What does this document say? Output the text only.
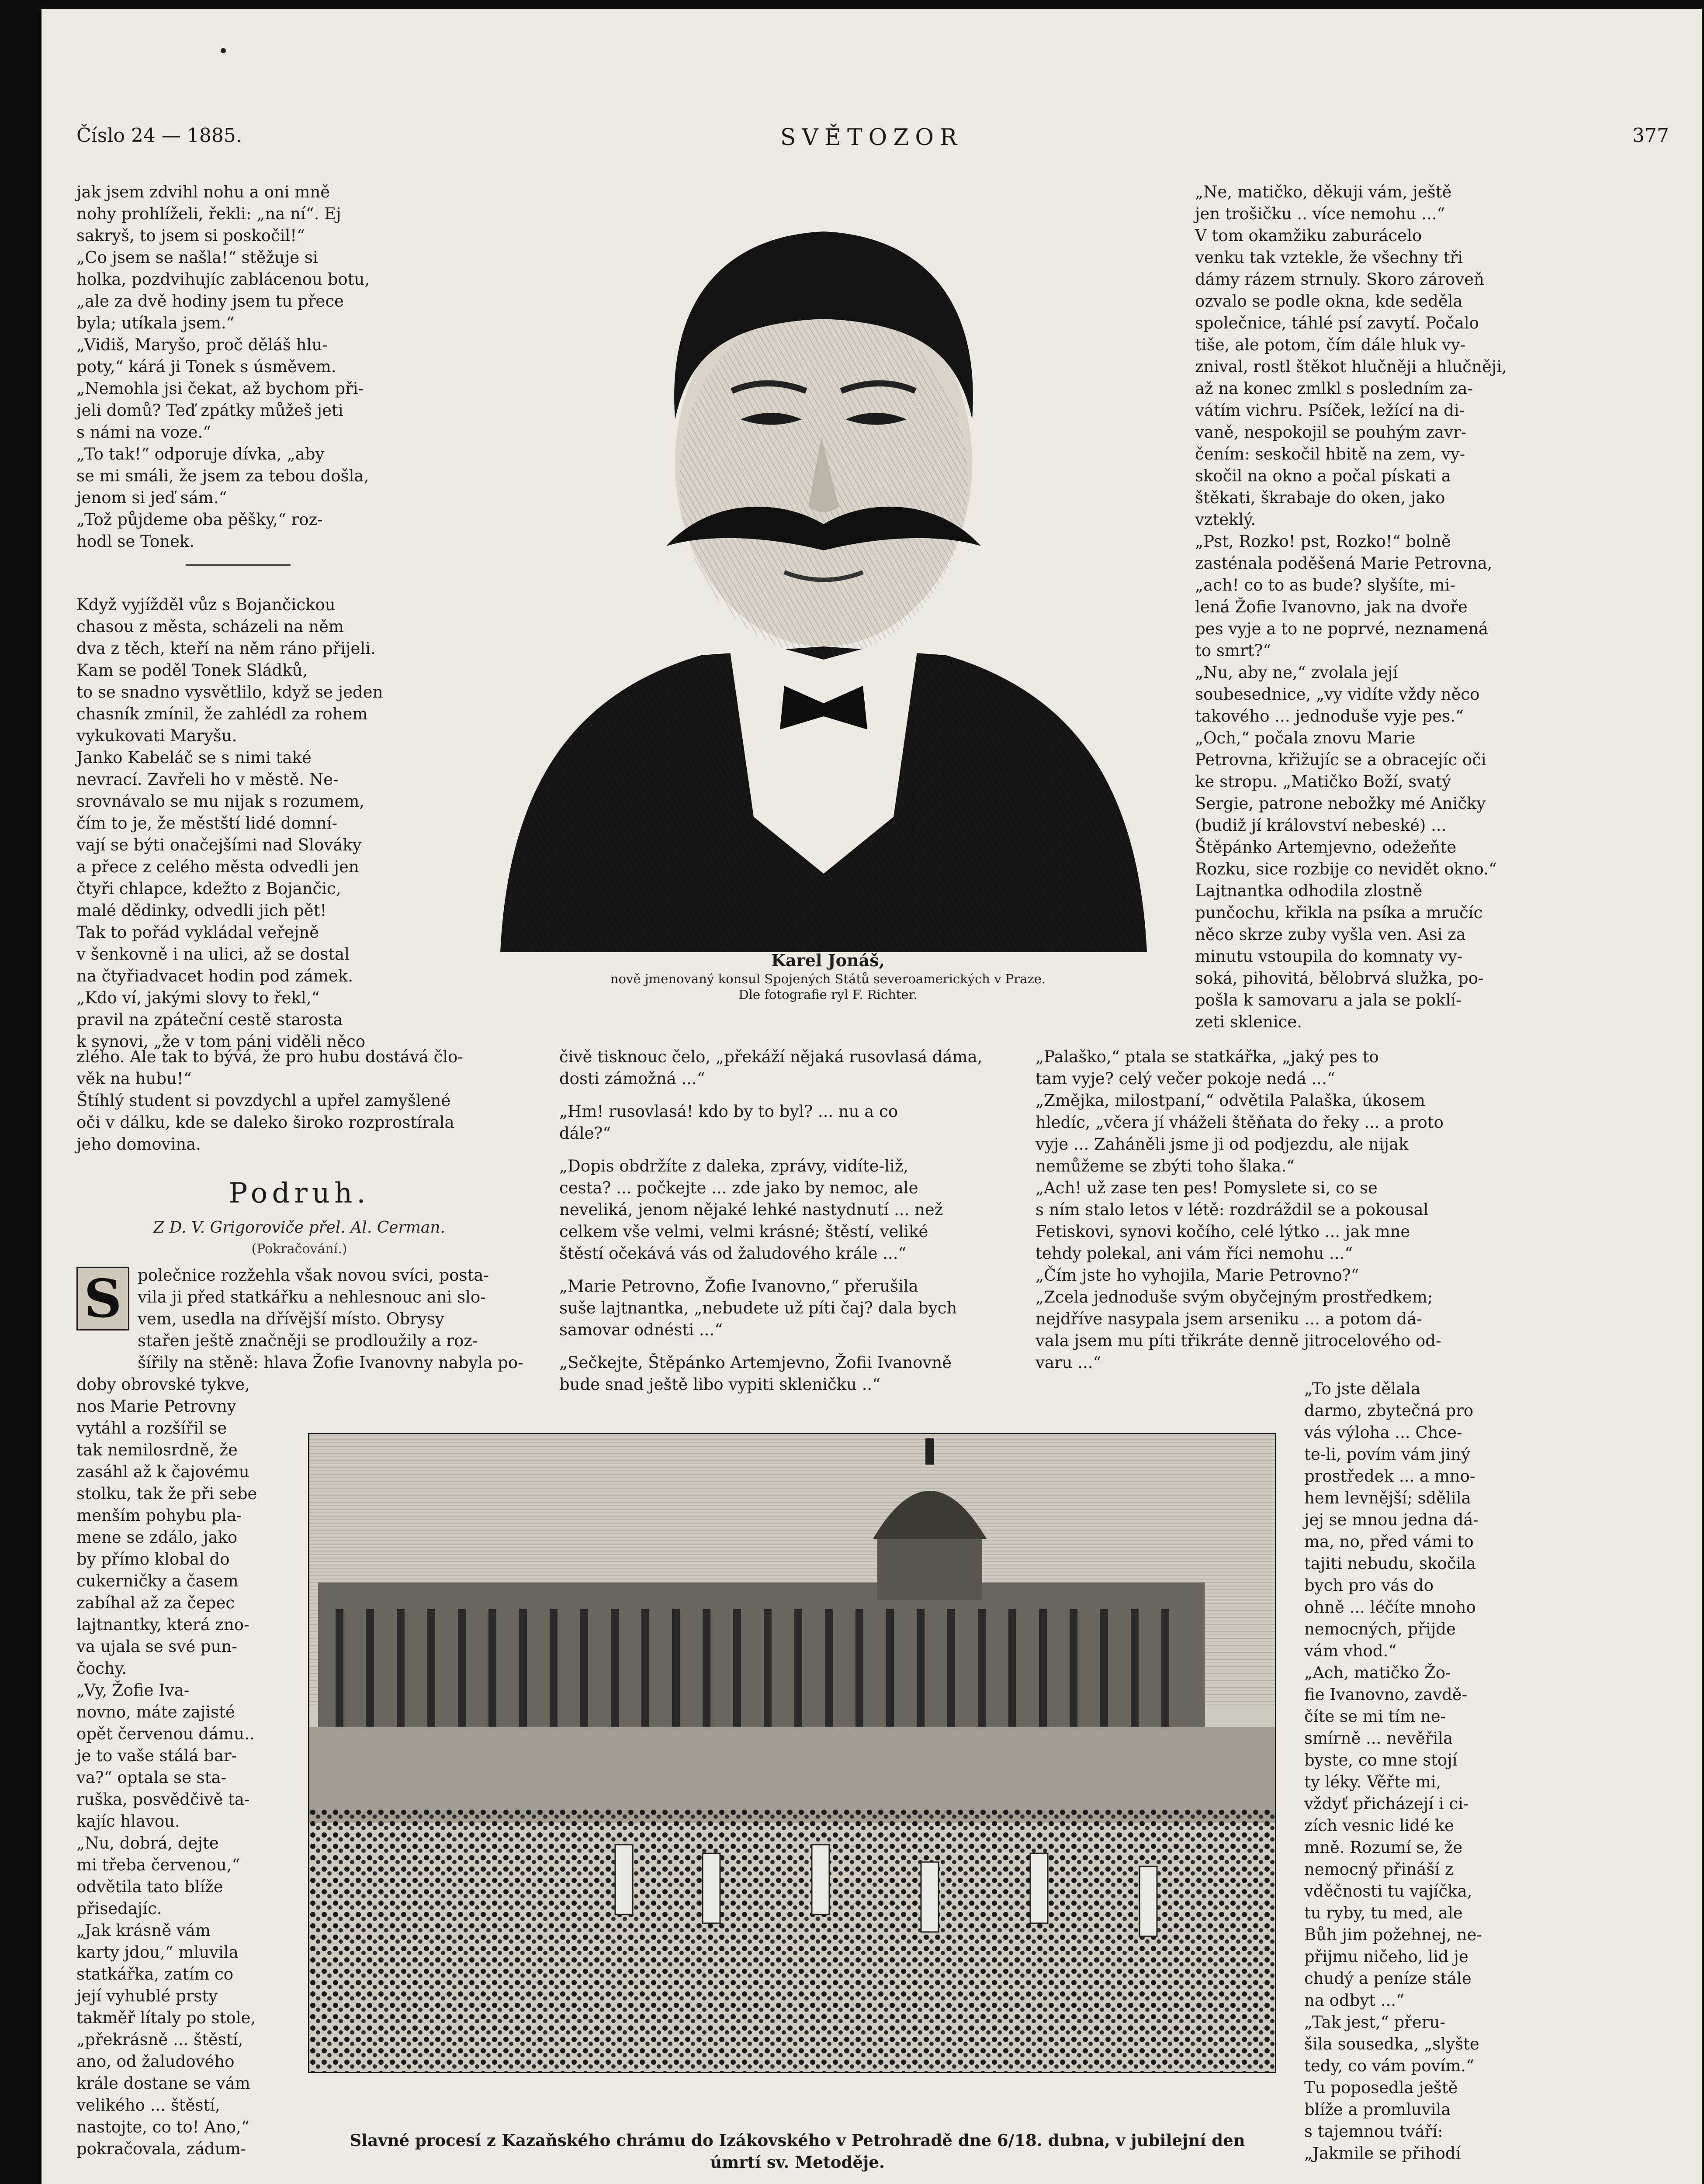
Číslo 24 — 1885.	SVĚTOZOR	377

jak jsem zdvihl nohu a oni mně
nohy prohlíželi, řekli: „na ní“. Ej
sakryš, to jsem si poskočil!“

„Co jsem se našla!“ stěžuje si
holka, pozdvihujíc zablácenou botu,
„ale za dvě hodiny jsem tu přece
byla; utíkala jsem.“

„Vidiš, Maryšo, proč děláš hlu-
poty,“ kárá ji Tonek s úsměvem.
„Nemohla jsi čekat, až bychom při-
jeli domů? Teď zpátky můžeš jeti
s námi na voze.“

„To tak!“ odporuje dívka, „aby
se mi smáli, že jsem za tebou došla,
jenom si jeď sám.“

„Tož půjdeme oba pěšky,“ roz-
hodl se Tonek.

Když vyjížděl vůz s Bojančickou
chasou z města, scházeli na něm
dva z těch, kteří na něm ráno přijeli.

Kam se poděl Tonek Sládků,
to se snadno vysvětlilo, když se jeden
chasník zmínil, že zahlédl za rohem
vykukovati Maryšu.

Janko Kabeláč se s nimi také
nevrací. Zavřeli ho v městě. Ne-
srovnávalo se mu nijak s rozumem,
čím to je, že městští lidé domní-
vají se býti onačejšími nad Slováky
a přece z celého města odvedli jen
čtyři chlapce, kdežto z Bojančic,
malé dědinky, odvedli jich pět!

Tak to pořád vykládal veřejně
v šenkovně i na ulici, až se dostal
na čtyřiadvacet hodin pod zámek.

„Kdo ví, jakými slovy to řekl,“
pravil na zpáteční cestě starosta
k synovi, „že v tom páni viděli něco

zlého. Ale tak to bývá, že pro hubu dostává člo-
věk na hubu!“

Štíhlý student si povzdychl a upřel zamyšlené
oči v dálku, kde se daleko široko rozprostírala
jeho domovina.

Podruh.
Z D. V. Grigoroviče přel. Al. Cerman.
(Pokračování.)
S polečnice rozžehla však novou svíci, posta-
vila ji před statkářku a nehlesnouc ani slo-
vem, usedla na dřívější místo. Obrysy
stařen ještě značněji se prodloužily a roz-
šířily na stěně: hlava Žofie Ivanovny nabyla po-

doby obrovské tykve,
nos Marie Petrovny
vytáhl a rozšířil se
tak nemilosrdně, že
zasáhl až k čajovému
stolku, tak že při sebe
menším pohybu pla-
mene se zdálo, jako
by přímo klobal do
cukerničky a časem
zabíhal až za čepec
lajtnantky, která zno-
va ujala se své pun-
čochy.

„Vy, Žofie Iva-
novno, máte zajisté
opět červenou dámu..
je to vaše stálá bar-
va?“ optala se sta-
ruška, posvědčivě ta-
kajíc hlavou.

„Nu, dobrá, dejte
mi třeba červenou,“
odvětila tato blíže
přisedajíc.

„Jak krásně vám
karty jdou,“ mluvila
statkářka, zatím co
její vyhublé prsty
takměř lítaly po stole,
„překrásně ... štěstí,
ano, od žaludového
krále dostane se vám
velikého ... štěstí,
nastojte, co to! Ano,“
pokračovala, zádum-

Karel Jonáš,
nově jmenovaný konsul Spojených Států severoamerických v Praze.
Dle fotografie ryl F. Richter.

čivě tisknouc čelo, „překáží nějaká rusovlasá dáma,
dosti zámožná ...“

„Hm! rusovlasá! kdo by to byl? ... nu a co
dále?“

„Dopis obdržíte z daleka, zprávy, vidíte-liž,
cesta? ... počkejte ... zde jako by nemoc, ale
neveliká, jenom nějaké lehké nastydnutí ... než
celkem vše velmi, velmi krásné; štěstí, veliké
štěstí očekává vás od žaludového krále ...“

„Marie Petrovno, Žofie Ivanovno,“ přerušila
suše lajtnantka, „nebudete už píti čaj? dala bych
samovar odnésti ...“

„Sečkejte, Štěpánko Artemjevno, Žofii Ivanovně
bude snad ještě libo vypiti skleničku ..“

„Ne, matičko, děkuji vám, ještě
jen trošičku .. více nemohu ...“

V tom okamžiku zaburácelo
venku tak vztekle, že všechny tři
dámy rázem strnuly. Skoro zároveň
ozvalo se podle okna, kde seděla
společnice, táhlé psí zavytí. Počalo
tiše, ale potom, čím dále hluk vy-
znival, rostl štěkot hlučněji a hlučněji,
až na konec zmlkl s posledním za-
vátím vichru. Psíček, ležící na di-
vaně, nespokojil se pouhým zavr-
čením: seskočil hbitě na zem, vy-
skočil na okno a počal pískati a
štěkati, škrabaje do oken, jako
vzteklý.

„Pst, Rozko! pst, Rozko!“ bolně
zasténala poděšená Marie Petrovna,
„ach! co to as bude? slyšíte, mi-
lená Žofie Ivanovno, jak na dvoře
pes vyje a to ne poprvé, neznamená
to smrt?“

„Nu, aby ne,“ zvolala její
soubesednice, „vy vidíte vždy něco
takového ... jednoduše vyje pes.“

„Och,“ počala znovu Marie
Petrovna, křižujíc se a obracejíc oči
ke stropu. „Matičko Boží, svatý
Sergie, patrone nebožky mé Aničky
(budiž jí království nebeské) ...
Štěpánko Artemjevno, odežeňte
Rozku, sice rozbije co nevidět okno.“

Lajtnantka odhodila zlostně
punčochu, křikla na psíka a mručíc
něco skrze zuby vyšla ven. Asi za
minutu vstoupila do komnaty vy-
soká, pihovitá, bělobrvá služka, po-
pošla k samovaru a jala se poklí-
zeti sklenice.

„Palaško,“ ptala se statkářka, „jaký pes to
tam vyje? celý večer pokoje nedá ...“

„Změjka, milostpaní,“ odvětila Palaška, úkosem
hledíc, „včera jí vháželi štěňata do řeky ... a proto
vyje ... Zaháněli jsme ji od podjezdu, ale nijak
nemůžeme se zbýti toho šlaka.“

„Ach! už zase ten pes! Pomyslete si, co se
s ním stalo letos v létě: rozdráždil se a pokousal
Fetiskovi, synovi kočího, celé lýtko ... jak mne
tehdy polekal, ani vám říci nemohu ...“

„Čím jste ho vyhojila, Marie Petrovno?“

„Zcela jednoduše svým obyčejným prostředkem;
nejdříve nasypala jsem arseniku ... a potom dá-
vala jsem mu píti třikráte denně jitrocelového od-
varu ...“

„To jste dělala
darmo, zbytečná pro
vás výloha ... Chce-
te-li, povím vám jiný
prostředek ... a mno-
hem levnější; sdělila
jej se mnou jedna dá-
ma, no, před vámi to
tajiti nebudu, skočila
bych pro vás do
ohně ... léčíte mnoho
nemocných, přijde
vám vhod.“

„Ach, matičko Žo-
fie Ivanovno, zavdě-
číte se mi tím ne-
smírně ... nevěřila
byste, co mne stojí
ty léky. Věřte mi,
vždyť přicházejí i ci-
zích vesnic lidé ke
mně. Rozumí se, že
nemocný přináší z
vděčnosti tu vajíčka,
tu ryby, tu med, ale
Bůh jim požehnej, ne-
přijmu ničeho, lid je
chudý a peníze stále
na odbyt ...“

„Tak jest,“ přeru-
šila sousedka, „slyšte
tedy, co vám povím.“
Tu poposedla ještě
blíže a promluvila
s tajemnou tváří:
„Jakmile se přihodí

Slavné procesí z Kazaňského chrámu do Izákovského v Petrohradě dne 6/18. dubna, v jubilejní den
úmrtí sv. Metoděje.
